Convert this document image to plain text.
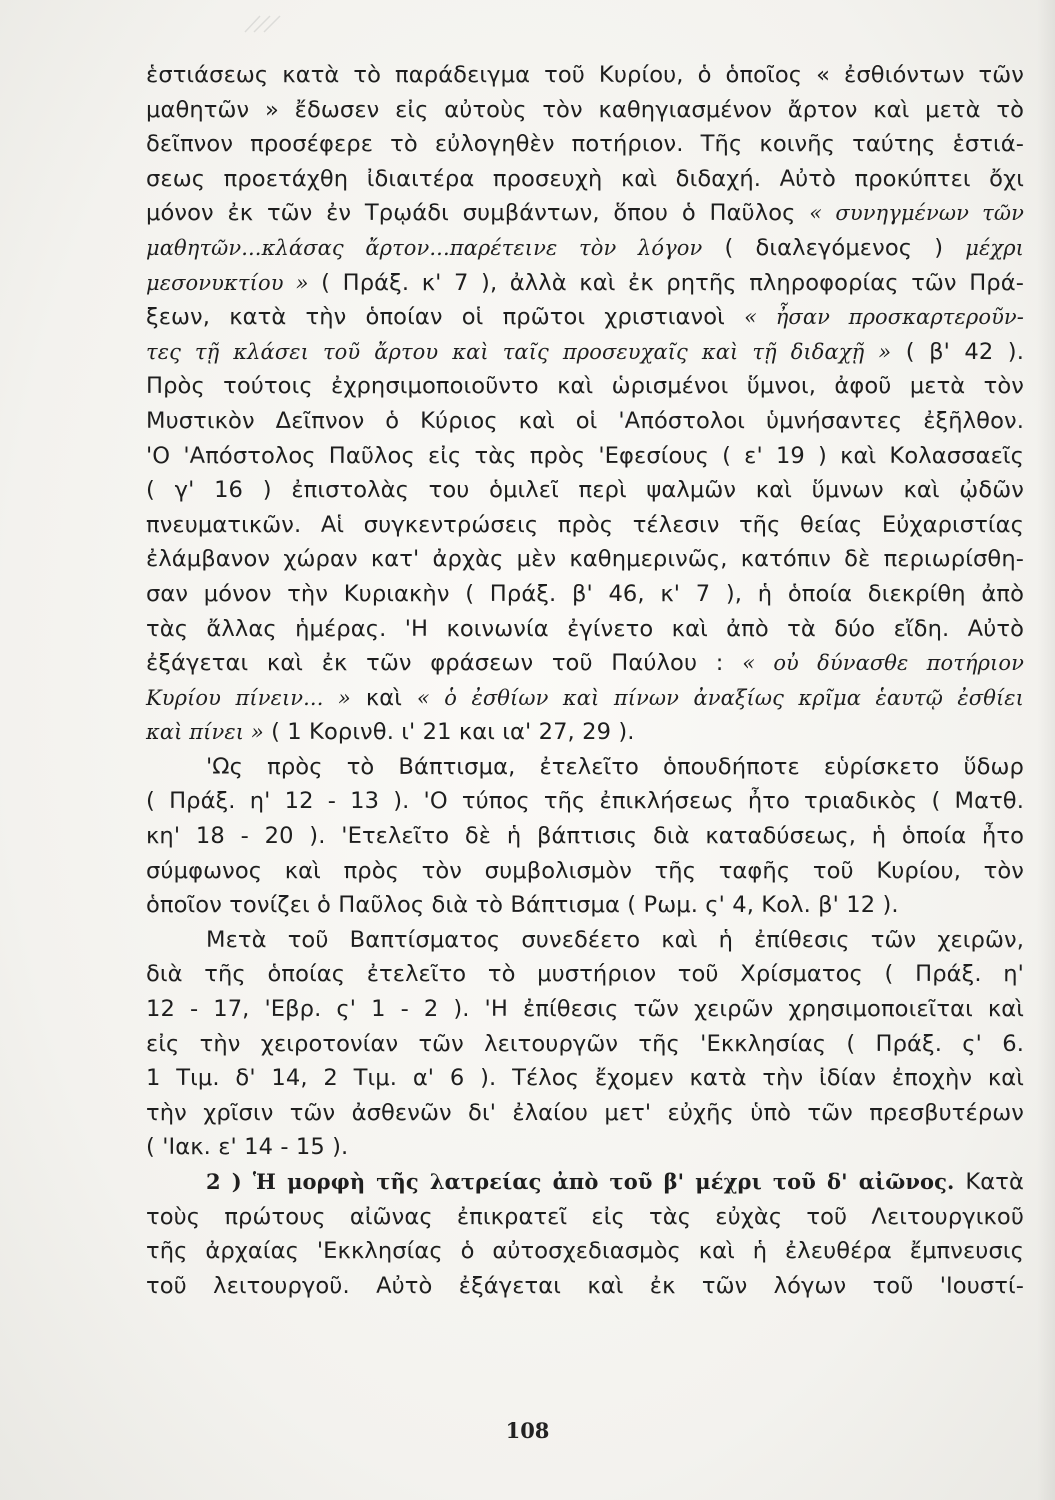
ἑστιάσεως κατὰ τὸ παράδειγμα τοῦ Κυρίου, ὁ ὁποῖος « ἐσθιόντων τῶν
μαθητῶν » ἔδωσεν εἰς αὐτοὺς τὸν καθηγιασμένον ἄρτον καὶ μετὰ τὸ
δεῖπνον προσέφερε τὸ εὐλογηθὲν ποτήριον. Τῆς κοινῆς ταύτης ἑστιά-
σεως προετάχθη ἰδιαιτέρα προσευχὴ καὶ διδαχή. Αὐτὸ προκύπτει ὄχι
μόνον ἐκ τῶν ἐν Τρῳάδι συμβάντων, ὅπου ὁ Παῦλος « συνηγμένων τῶν
μαθητῶν...κλάσας ἄρτον...παρέτεινε τὸν λόγον ( διαλεγόμενος ) μέχρι
μεσονυκτίου » ( Πράξ. κ' 7 ), ἀλλὰ καὶ ἐκ ρητῆς πληροφορίας τῶν Πρά-
ξεων, κατὰ τὴν ὁποίαν οἱ πρῶτοι χριστιανοὶ « ἦσαν προσκαρτεροῦν-
τες τῇ κλάσει τοῦ ἄρτου καὶ ταῖς προσευχαῖς καὶ τῇ διδαχῇ » ( β' 42 ).
Πρὸς τούτοις ἐχρησιμοποιοῦντο καὶ ὡρισμένοι ὕμνοι, ἀφοῦ μετὰ τὸν
Μυστικὸν Δεῖπνον ὁ Κύριος καὶ οἱ 'Απόστολοι ὑμνήσαντες ἐξῆλθον.
'Ο 'Απόστολος Παῦλος εἰς τὰς πρὸς 'Εφεσίους ( ε' 19 ) καὶ Κολασσαεῖς
( γ' 16 ) ἐπιστολὰς του ὁμιλεῖ περὶ ψαλμῶν καὶ ὕμνων καὶ ᾠδῶν
πνευματικῶν. Αἱ συγκεντρώσεις πρὸς τέλεσιν τῆς θείας Εὐχαριστίας
ἐλάμβανον χώραν κατ' ἀρχὰς μὲν καθημερινῶς, κατόπιν δὲ περιωρίσθη-
σαν μόνον τὴν Κυριακὴν ( Πράξ. β' 46, κ' 7 ), ἡ ὁποία διεκρίθη ἀπὸ
τὰς ἄλλας ἡμέρας. 'Η κοινωνία ἐγίνετο καὶ ἀπὸ τὰ δύο εἴδη. Αὐτὸ
ἐξάγεται καὶ ἐκ τῶν φράσεων τοῦ Παύλου : « οὐ δύνασθε ποτήριον
Κυρίου πίνειν... » καὶ « ὁ ἐσθίων καὶ πίνων ἀναξίως κρῖμα ἑαυτῷ ἐσθίει
καὶ πίνει » ( 1 Κορινθ. ι' 21 και ια' 27, 29 ).
'Ως πρὸς τὸ Βάπτισμα, ἐτελεῖτο ὁπουδήποτε εὑρίσκετο ὕδωρ
( Πράξ. η' 12 - 13 ). 'Ο τύπος τῆς ἐπικλήσεως ἦτο τριαδικὸς ( Ματθ.
κη' 18 - 20 ). 'Ετελεῖτο δὲ ἡ βάπτισις διὰ καταδύσεως, ἡ ὁποία ἦτο
σύμφωνος καὶ πρὸς τὸν συμβολισμὸν τῆς ταφῆς τοῦ Κυρίου, τὸν
ὁποῖον τονίζει ὁ Παῦλος διὰ τὸ Βάπτισμα ( Ρωμ. ς' 4, Κολ. β' 12 ).
Μετὰ τοῦ Βαπτίσματος συνεδέετο καὶ ἡ ἐπίθεσις τῶν χειρῶν,
διὰ τῆς ὁποίας ἐτελεῖτο τὸ μυστήριον τοῦ Χρίσματος ( Πράξ. η'
12 - 17, 'Εβρ. ς' 1 - 2 ). 'Η ἐπίθεσις τῶν χειρῶν χρησιμοποιεῖται καὶ
εἰς τὴν χειροτονίαν τῶν λειτουργῶν τῆς 'Εκκλησίας ( Πράξ. ς' 6.
1 Τιμ. δ' 14, 2 Τιμ. α' 6 ). Τέλος ἔχομεν κατὰ τὴν ἰδίαν ἐποχὴν καὶ
τὴν χρῖσιν τῶν ἀσθενῶν δι' ἐλαίου μετ' εὐχῆς ὑπὸ τῶν πρεσβυτέρων
( 'Ιακ. ε' 14 - 15 ).
2 ) Ἡ μορφὴ τῆς λατρείας ἀπὸ τοῦ β' μέχρι τοῦ δ' αἰῶνος. Κατὰ
τοὺς πρώτους αἰῶνας ἐπικρατεῖ εἰς τὰς εὐχὰς τοῦ Λειτουργικοῦ
τῆς ἀρχαίας 'Εκκλησίας ὁ αὐτοσχεδιασμὸς καὶ ἡ ἐλευθέρα ἔμπνευσις
τοῦ λειτουργοῦ. Αὐτὸ ἐξάγεται καὶ ἐκ τῶν λόγων τοῦ 'Ιουστί-
108
